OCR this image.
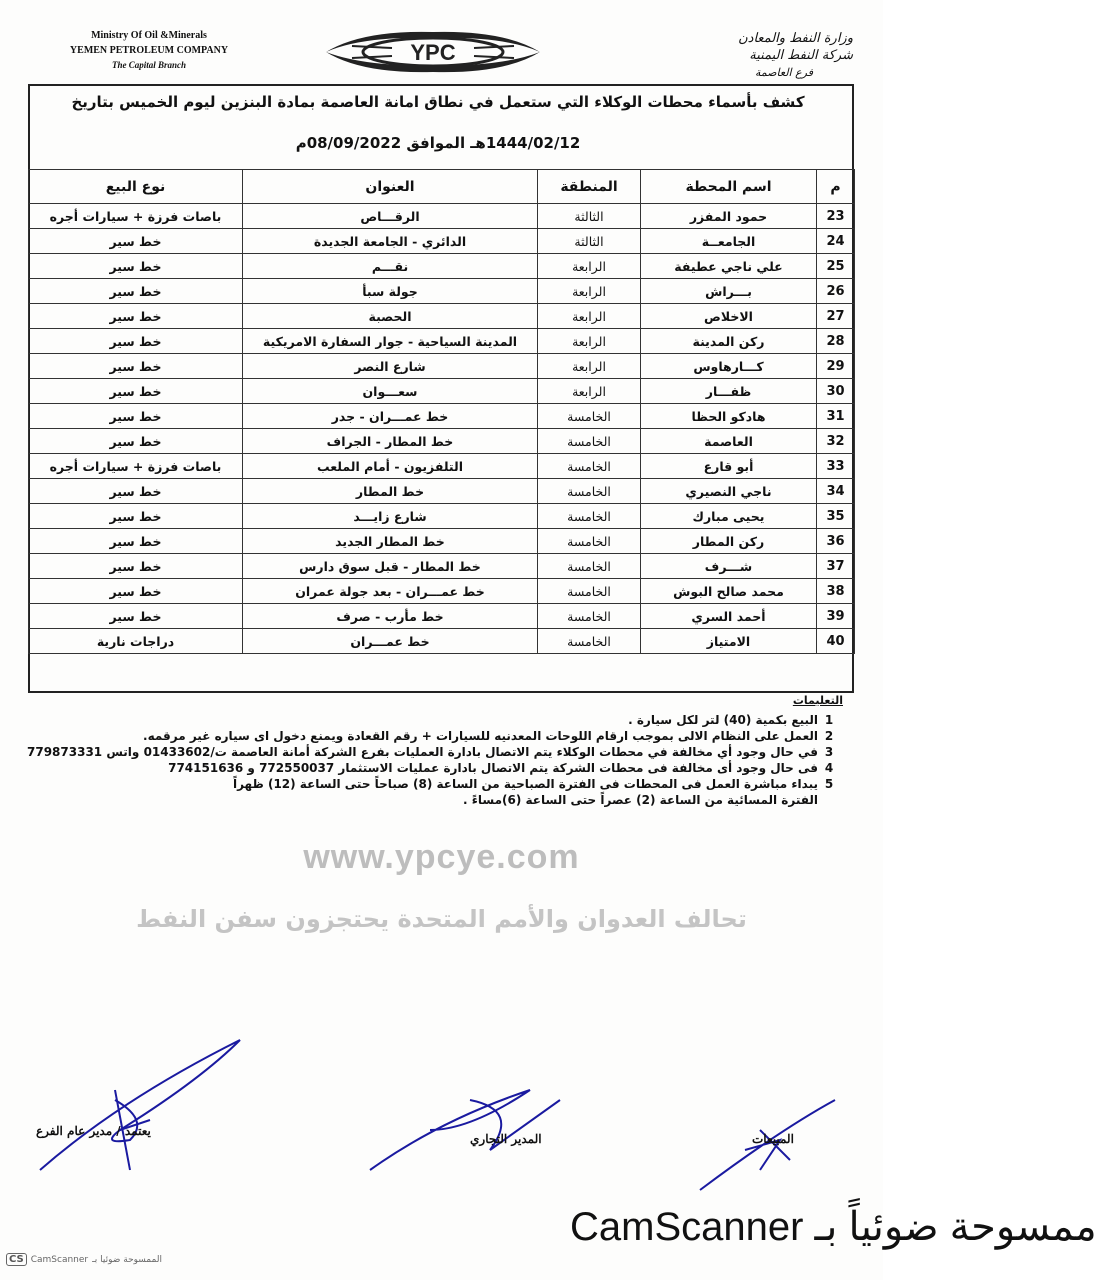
Ministry Of Oil &Minerals
YEMEN PETROLEUM COMPANY
The Capital Branch	YPC
وزارة النفط والمعادن
شركة النفط اليمنية
فرع العاصمة
كشف بأسماء محطات الوكلاء التي ستعمل في نطاق امانة العاصمة بمادة البنزين ليوم الخميس بتاريخ
1444/02/12هـ الموافق 08/09/2022م
م	اسم المحطة	المنطقة	العنوان	نوع البيع
23	حمود المفزر	الثالثة	الرقـــاص	باصات فرزة + سيارات أجره
24	الجامعــة	الثالثة	الدائري - الجامعة الجديدة	خط سير
25	علي ناجي عطيفة	الرابعة	نقـــم	خط سير
26	بـــراش	الرابعة	جولة سبأ	خط سير
27	الاخلاص	الرابعة	الحصبة	خط سير
28	ركن المدينة	الرابعة	المدينة السياحية - جوار السفارة الامريكية	خط سير
29	كـــارهاوس	الرابعة	شارع النصر	خط سير
30	ظفـــار	الرابعة	سعـــوان	خط سير
31	هادكو الحظا	الخامسة	خط عمـــران - جدر	خط سير
32	العاصمة	الخامسة	خط المطار - الجراف	خط سير
33	أبو قارع	الخامسة	التلفزيون - أمام الملعب	باصات فرزة + سيارات أجره
34	ناجي النصيري	الخامسة	خط المطار	خط سير
35	يحيى مبارك	الخامسة	شارع زايـــد	خط سير
36	ركن المطار	الخامسة	خط المطار الجديد	خط سير
37	شـــرف	الخامسة	خط المطار - قبل سوق دارس	خط سير
38	محمد صالح البوش	الخامسة	خط عمـــران - بعد جولة عمران	خط سير
39	أحمد السري	الخامسة	خط مأرب - صرف	خط سير
40	الامتياز	الخامسة	خط عمـــران	دراجات نارية
التعليمات
1البيع بكمية (40) لتر لكل سيارة .
2العمل على النظام الالى بموجب ارقام اللوحات المعدنيه للسيارات + رقم القعادة ويمنع دخول اى سياره غير مرقمه.
3في حال وجود أي مخالفة في محطات الوكلاء يتم الاتصال بادارة العمليات بفرع الشركة أمانة العاصمة ت/01433602 واتس 779873331
4فى حال وجود أى مخالفة فى محطات الشركة يتم الاتصال بادارة عمليات الاستثمار 772550037 و 774151636
5يبداء مباشرة العمل فى المحطات فى الفترة الصباحية من الساعة (8) صباحاً حتى الساعة (12) ظهراً
الفترة المسائية من الساعة (2) عصراً حتى الساعة (6)مساءً .
www.ypcye.com
تحالف العدوان والأمم المتحدة يحتجزون سفن النفط
يعتمد / مدير عام الفرع
المدير التجاري	المبيعات
ممسوحة ضوئياً بـ CamScanner
CS CamScanner الممسوحة ضوئيا بـ
